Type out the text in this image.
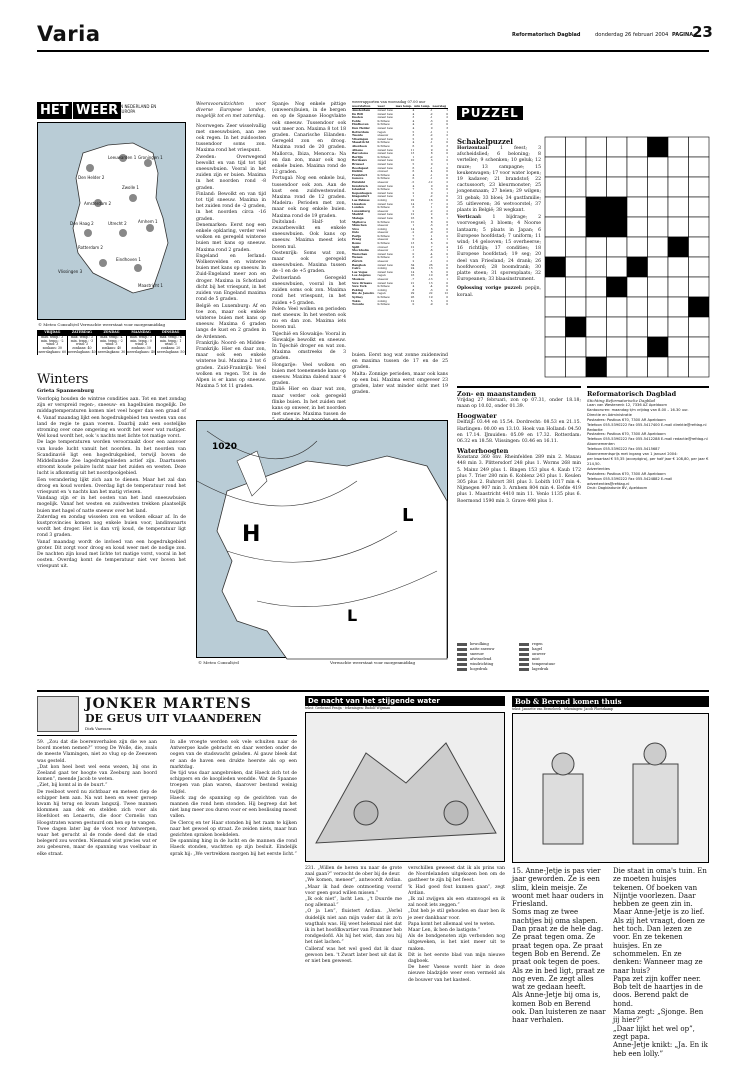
Varia	Reformatorisch Dagblad	donderdag 26 februari 2004 PAGINA
23
HET WEER IN NEDERLAND EN EUROPA
Den Helder 2
Leeuwarden 1 Groningen 1
Amsterdam 2
Zwolle 1
Den Haag 2	Utrecht 2	Arnhem 1
Rotterdam 2
Vlissingen 3
Eindhoven 1
Maastricht 1
© Meteo Consult/rd Verwachte weerstaat voor morgenmiddag
VRIJDAG	ZATERDAG	ZONDAG	MAANDAG	DINSDAG
max. temp.: 3	max. temp.: 3	max. temp.: 4	max. temp.: 5	max. temp.: 6
min. temp.: -2	min. temp.: -3	min. temp.: -2	min. temp.: 0	min. temp.: 1
wind: 3	wind: 3	wind: 3	wind: 3	wind: 3
zonkans: 30	zonkans: 40	zonkans: 40	zonkans: 30	zonkans: 20
neerslagkans: 60	neerslagkans: 40	neerslagkans: 30	neerslagkans: 40	neerslagkans: 50
Winters
Grieta Spannenburg
Voorlopig houden de wintrse condities aan. Tot en met zondag zijn er verspreid regen-, sneeuw- en hagelbuien mogelijk. De middagtemperaturen komen niet veel hoger dan een graad of 4. Vanaf maandag lijkt een hogedrukgebied ten westen van ons land de regie te gaan voeren. Daarbij zakt een oostelijke stroming over onze omgeving en wordt het weer wat rustiger. Wel koud wordt het, ook 's nachts met lichte tot matige vorst.
De lage temperaturen worden veroorzaakt door een aanvoer van koude lucht vanuit het noorden. In het noorden van Scandinavië ligt een hogedrukgebied, terwijl boven de Middellandse Zee lagedrukgebieden actief zijn. Daartussen stroomt koude polaire lucht naar het zuiden en westen. Deze lucht is afkomstig uit het noordpoolgebied.
Een verandering lijkt zich aan te dienen. Maar het zal dan droog en koud worden. Overdag ligt de temperatuur rond het vriespunt en 's nachts kan het matig vriezen.
Vandaag zijn er in het oosten van het land sneeuwbuien mogelijk. Vanaf het westen en zuidwesten trekken plaatselijk buien met hagel of natte sneeuw over het land.
Zaterdag en zondag wisselen zon en wolken elkaar af. In de kustprovincies komen nog enkele buien voor, landinwaarts wordt het droger. Het is dan vrij koud, de temperatuur ligt rond 3 graden.
Vanaf maandag wordt de invloed van een hogedrukgebied groter. Dit zorgt voor droog en koud weer met de nodige zon. De nachten zijn koud met lichte tot matige vorst, vooral in het oosten. Overdag komt de temperatuur niet ver boven het vriespunt uit.
Weersvooruitzichten voor diverse Europese landen, mogelijk tot en met zaterdag.
Noorwegen: Zeer wisselvallig met sneeuwbuien, aan zee ook regen. In het zuidoosten tussendoor soms zon. Maxima rond het vriespunt.
Zweden: Overwegend bewolkt en van tijd tot tijd sneeuwbuien. Vooral in het zuiden zijn er buien. Maxima in het noorden rond -8 graden.
Finland: Bewolkt en van tijd tot tijd sneeuw. Maxima in het zuiden rond de -2 graden, in het noorden circa -16 graden.
Denemarken: Eerst nog een enkele opklaring, verder veel wolken en geregeld winterse buien met kans op sneeuw. Maxima rond 2 graden.
Engeland en Ierland: Wolkenvelden en winterse buien met kans op sneeuw. In Zuid-Engeland meer zon en droger. Maxima in Schotland dicht bij het vriespunt, in het zuiden van Engeland maxima rond de 5 graden.
België en Luxemburg: Af en toe zon, maar ook enkele winterse buien met kans op sneeuw. Maxima 6 graden langs de kust en 2 graden in de Ardennen.
Frankrijk: Noord- en Midden-Frankrijk: Hier en daar zon, maar ook een enkele winterse bui. Maxima 2 tot 6 graden. Zuid-Frankrijk: Veel wolken en regen. Tot in de Alpen is er kans op sneeuw. Maxima 5 tot 11 graden.
Spanje: Nog enkele pittige (onweers)buien, in de bergen en op de Spaanse Hoogvlakte ook sneeuw. Tussendoor ook wat meer zon. Maxima 8 tot 18 graden. Canarische Eilanden: Geregeld zon en droog. Maxima rond de 20 graden. Mallorca, Ibiza, Menorca: Na en dan zon, maar ook nog enkele buien. Maxima rond de 12 graden.
Portugal: Nog een enkele bui, tussendoor ook zon. Aan de kust een zuidwestenwind. Maxima rond de 12 graden. Madeira: Perioden met zon, maar ook nog enkele buien. Maxima rond de 19 graden.
Duitsland: Half- tot zwaarbewolkt en enkele sneeuwbuien. Ook kans op sneeuw. Maxima meest iets boven nul.
Oostenrijk: Soms wat zon, maar ook geregeld sneeuwbuien. Maxima tussen de -1 en de +5 graden.
Zwitserland: Geregeld sneeuwbuien, vooral in het zuiden soms ook zon. Maxima rond het vriespunt, in het zuiden +5 graden.
Polen: Veel wolken en perioden met sneeuw. In het westen ook nu en dan zon. Maxima iets boven nul.
Tsjechië en Slowakije: Vooral in Slowakije bewolkt en sneeuw. In Tsjechië droger en wat zon. Maxima omstreeks de 3 graden.
Hongarije: Veel wolken en buien met toenemende kans op sneeuw. Maxima dalend naar 4 graden.
Italië: Hier en daar wat zon, maar verder ook geregeld flinke buien. In het zuiden met kans op onweer, in het noorden met sneeuw. Maxima tussen de

buien. Eerst nog wat zonne zuidenwind en maxima tussen de 17 en de 25 graden.
Malta: Zonnige perioden, maar ook kans op een bui. Maxima eerst omgeveer 23 graden, later wat minder sicht met 19 graden.
weerrapporten van woensdag 07.00 uur
weerstation	weer	max temp.	min temp.	neerslag
Amsterdam	zwaar bew.	4	-1	1
De Bilt	zwaar bew.	4	-2	0
Deelen	zwaar bew.	3	-1	2
Eelde	lichtbew.	4	-3	0
Eindhoven	lichtbew.	4	-2	0
Den Helder	zwaar bew.	4	0	3
Rotterdam	regen	5	-1	1
Twente	sneeuw	3	-2	2
Vlissingen	zwaar bew.	5	0	1
Maastricht	lichtbew.	4	-1	0
Aberdeen	lichtbew.	6	0	3
Athene	zwaar bew.	11	9	0
Barcelona	zwaar bew.	13	8	0
Berlijn	lichtbew.	1	-2	1
Bordeaux	zwaar bew.	10	3	0
Brussel	zwaar bew.	5	0	1
Boedapest	zwaar bew.	6	-1	0
Dublin	onweer	6	4	0
Frankfurt	lichtbew.	4	-1	0
Genève	lichtbew.	6	-1	0
Helsinki	sneeuw	-5	-12	2
Innsbruck	zwaar bew.	4	0	0
Istanbul	lichtbew.	7	3	0
Kopenhagen	zwaar bew.	2	0	1
Klagenfurt	zwaar bew.	1	-2	0
Las Palmas	zonnig	22	16	0
Lissabon	zwaar bew.	14	7	2
Londen	lichtbew.	6	1	0
Luxemburg	sneeuw	2	-2	2
Madrid	zwaar bew.	12	2	0
Malaga	zwaar bew.	16	8	1
Mallorca	lichtbew.	15	8	0
München	sneeuw	1	-3	3
Nice	zonnig	14	6	0
Oslo	sneeuw	-2	-9	2
Parijs	lichtbew.	7	1	0
Praag	sneeuw	0	-4	1
Rome	lichtbew.	13	6	0
Split	onweer	12	7	4
Stockholm	sneeuw	-1	-6	1
Warschau	zwaar bew.	0	-4	0
Wenen	lichtbew.	3	-2	1
Zürich	sneeuw	2	-1	2
Bangkok	zwaar bew.	34	26	0
Cairo	zonnig	24	13	0
Las Vegas	zwaar bew.	14	6	0
Los Angeles	regen	16	10	8
Moskou	sneeuw	-7	-13	1
New Orleans	zwaar bew.	21	13	0
New York	lichtbew.	4	-4	0
Peking	zonnig	8	-3	0
Rio de Janeiro	regen	29	22	12
Sydney	lichtbew.	26	19	0
Tokio	zonnig	12	5	0
Toronto	lichtbew.	0	-9	0
1020
H
L
L
© Meteo Consult/rd	Verwachte weerstaat voor morgenmiddag
PUZZEL
Schakelpuzzel

Horizontaal: 1 feest; 3 afscheidslied; 6 beloning; 8 verteller; 9 schenken; 10 geluk; 12 muze; 13 campagne; 15 keukenwagen; 17 voor water lopen; 19 kadaver; 21 brandstof; 22 cactussoort; 23 kleurmonster; 25 jongensnaam; 27 heien; 29 wilgen; 31 gebak; 33 bloei; 34 gastfamilie; 35 uitleveren; 36 wetvoorstel; 37 plaats in België; 38 wegkant.

Verticaal: 1 bijdrage; 2 voorvoegsel; 3 bloem; 4 Noorse lantaarn; 5 plaats in Japan; 6 Europese hoofdstad; 7 uniform; 11 wind; 14 gelooven; 15 overheerse; 16 richtlijn; 17 condities; 18 Europese hoofdstad; 19 seg; 20 deel van Friesland; 24 drank; 26 hoofdwoord; 28 boomdrank; 30 platte steen; 31 sporenplaats; 32 Europeanen; 33 blaasinstrument.

Oplossing vorige puzzel: pepijn, koraal.

Zon- en maanstanden
Vrijdag 27 februari, zon op 07.31, onder 18.18; maan op 10.02, onder 01.39.
Hoogwater
Delfzijl: 03.44 en 15.54. Dordrecht: 08.53 en 21.15. Harlingen: 00.00 en 13.10. Hoek van Holland: 04.50 en 17.14. IJmuiden: 05.09 en 17.32. Rotterdam: 06.32 en 18.58. Vlissingen: 03.46 en 16.11.
Waterhoogten
Konstanz 360 onv. Rheinfelden 289 min 2. Maxau 448 min 3. Plittersdorf 248 plus 1. Worms 268 min 5. Mainz 249 plus 1. Bingen 153 plus 4. Kaub 172 plus 7. Trier 280 min 6. Koblenz 243 plus 1. Keulen 305 plus 2. Ruhrort 381 plus 3. Lobith 1017 min 4. Nijmegen 907 min 3. Arnhem 804 min 4. Eefde 419 plus 1. Maastricht 4410 min 11. Venlo 1135 plus 6. Roermond 1590 min 3. Grave 498 plus 1.
bewolking	regen
natte sneeuw	hagel
sneeuw	onweer
afwisselend	mist
windrichting	temperatuur
hogedruk	lagedruk
Reformatorisch Dagblad
Stichting Reformatorische Dagblad
Laan van Westenenk 12, 7336 AZ Apeldoorn
Kantooruren: maandag t/m vrijdag van 8.00 – 16.30 uur.
Directie en Administratie
Postadres: Postbus 670, 7300 AR Apeldoorn
Telefoon 055-5390222 Fax 055-5417400 E-mail direktie@refdag.nl
Redactie
Postadres: Postbus 670, 7300 AR Apeldoorn
Telefoon 055-5390222 Fax 055-5412288 E-mail redactie@refdag.nl
Abonnementen
Telefoon 055-5390222 Fax 055-5415687
Abonnementsprijs met ingang van 1 januari 2004:
per kwartaal € 55,35 (acceptgiro), per half jaar € 108,80, per jaar € 214,50.
Advertenties
Postadres: Postbus 670, 7300 AR Apeldoorn
Telefoon 055-5390222 Fax 055-5424882 E-mail advertenties@refdag.nl
Druk: Dagbladunie BV, Apeldoorn
JONKER MARTENS
DE GEUS UIT VLAANDEREN
Dirk Vaessen
59. „Zou dat die boerenverhalen zijn die we aan boord moeten nemen?” vroeg De Wolle, die, zoals de meeste Vlamingen, niet zo vlug op de Zeeuwen was gesteld.
„Dat kon heel best wel eens wezen, bij ons in Zeeland gaat ter hoogte van Zeeburg aan boord komen”, meende Jacob te weten.
„Ziet, bij komt al in de buurt.”
De roeiboot werd nu zichtbaar en meteen riep de schipper hem aan. Na wat heen en weer geroep kwam hij terug en kwam langszij. Twee mannen klommen aan dek en stelden zich voor als Hoefsloot en Lenaerts, die door Cornelis van Hoogstraten waren gestuurd om hen op te vangen.
Twee dagen later lag de vloot voor Antwerpen, waar het gerucht al de ronde deed dat de stad belegerd zou worden. Niemand wist precies wat er zou gebeuren, maar de spanning was voelbaar in elke straat.
In alle vroegte werden ook vele schuiten naar de Antwerpse kade gebracht en daar werden onder de oogen van de stadswacht geladen. Al gauw bleek dat er aan de haven een drukte heerste als op een marktdag.
De tijd was daar aangebroken, dat Haeck zich tot de schippers en de kooplieden wendde. Wat de Spaanse troepen van plan waren, daarover bestond weinig twijfel.
Haeck zag de spanning op de gezichten van de mannen die rond hem stonden. Hij begreep dat het niet lang meer zou duren voor er een beslissing moest vallen.
De Clercq en ter Haar stonden bij het raam te kijken naar het gewoel op straat. Ze zeiden niets, maar hun gezichten spraken boekdelen.
De spanning hing in de lucht en de mannen die rond Haeck stonden, wachtten op zijn besluit. Eindelijk sprak hij: „We vertrekken morgen bij het eerste licht.”
De nacht van het stijgende water
tekst: Gerbrand Fenijn · tekeningen: Rudolf Wijsman
231. „Willen de heren nu naar de grote zaal gaan?” verzocht de ober bij de deur.
„We komen, meneer”, antwoordt Ardian. „Maar ik had deze ontmoeting vooraf voor geen goud willen missen.”
„Ik ook niet”, lacht Len. „'t Duurde me nog allemaal.”
„O ja Len”, fluistert Ardian. „Verlel duidelijk niet aan mijn vader dat ik zo'n wagthals was. Hij weet helemaal niet dat ik in het hoofdkwartier van Frammer heb rondgeslofd. Als hij het wist, dan zou hij het niet lachen.”
Calleraf was het wel goed dat ik daar gewoon ben. 't Zwart later best uit dat ik er niet ben geweest.
verschillen geweest dat ik als prins van de Noordelanden uitgekozen ben om de gastheer te zijn bij het feest.
'k Had goed fout kunnen gaan”, zegt Ardian.
„Ik zal zwijgen als een stamvogel en ik zal nooit iets zeggen.”
„Dat heb je stil gehouden en daar ben ik je zeer dankbaar voor.
Papa komt het allemaal wel te weten.
Maar Len, ik ben de lastigste.”
Als de bondgenoten zijn verbonden nog uitgeweken, is het niet meer uit te maken.
Dit is het eerste blad van mijn nieuwe dagboek.
De heer Vaesse wordt hier in deze nieuwe bladzijde weer even vermeld als de bouwer van het kasteel.
Bob & Berend komen thuis
tekst: Jannette van Bernebeek · tekeningen: Jacob Ploetzkamp
15. Anne-Jetje is pas vier jaar geworden. Ze is een slim, klein meisje. Ze woont met haar ouders in Friesland.
Soms mag ze twee nachtjes bij oma slapen.
Dan praat ze de hele dag.
Ze praat tegen oma. Ze praat tegen opa. Ze praat tegen Bob en Berend. Ze praat ook tegen de poes.
Als ze in bed ligt, praat ze nog even. Ze zegt alles wat ze gedaan heeft.
Als Anne-Jetje bij oma is, komen Bob en Berend ook. Dan luisteren ze naar haar verhalen.
Die staat in oma's tuin. En ze moeten huisjes tekenen. Of boeken van Nijntje voorlezen. Daar hebben ze geen zin in.
Maar Anne-Jetje is zo lief. Als zij het vraagt, doen ze het toch. Dan lezen ze voor. En ze tekenen huisjes. En ze schommelen. En ze denken: Wanneer mag ze naar huis?
Papa zet zijn koffer neer. Bob telt de haartjes in de doos. Berend pakt de hond.
Mama zegt: „Sjonge. Ben jij hier?”
„Daar lijkt het wel op”, zegt papa.
Anne-Jetje knikt: „Ja. En ik heb een lolly.”
